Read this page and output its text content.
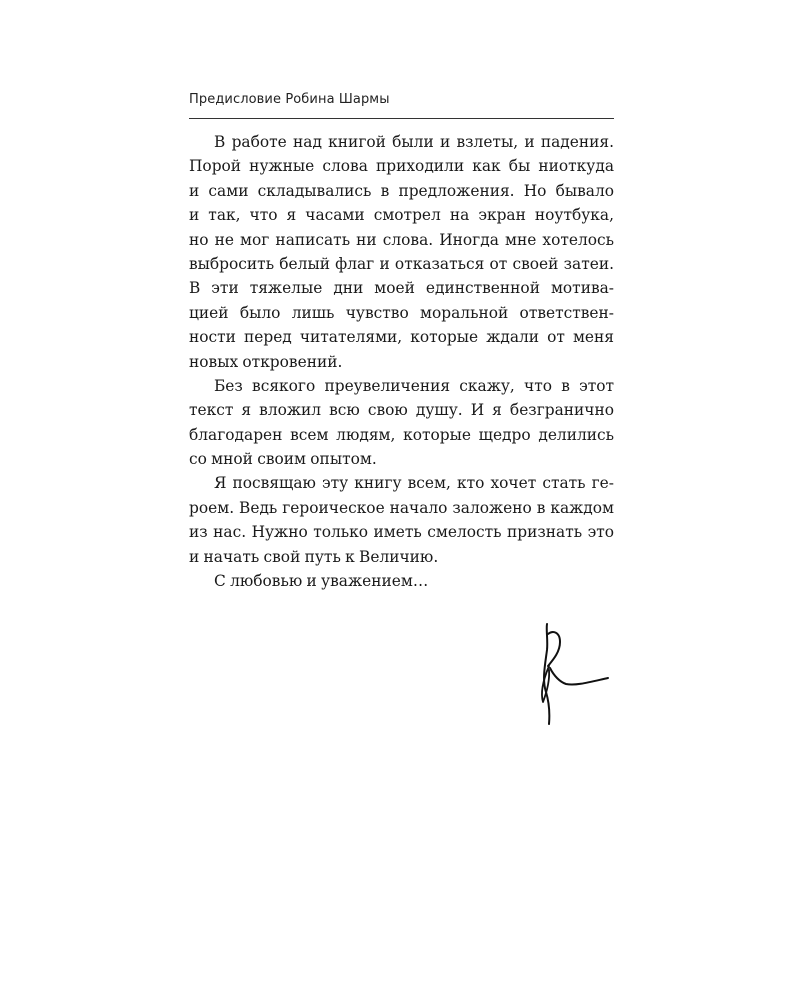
Предисловие Робина Шармы
В работе над книгой были и взлеты, и падения.
Порой нужные слова приходили как бы ниоткуда
и сами складывались в предложения. Но бывало
и так, что я часами смотрел на экран ноутбука,
но не мог написать ни слова. Иногда мне хотелось
выбросить белый флаг и отказаться от своей затеи.
В эти тяжелые дни моей единственной мотива-
цией было лишь чувство моральной ответствен-
ности перед читателями, которые ждали от меня
новых откровений.
Без всякого преувеличения скажу, что в этот
текст я вложил всю свою душу. И я безгранично
благодарен всем людям, которые щедро делились
со мной своим опытом.
Я посвящаю эту книгу всем, кто хочет стать ге-
роем. Ведь героическое начало заложено в каждом
из нас. Нужно только иметь смелость признать это
и начать свой путь к Величию.
С любовью и уважением…
